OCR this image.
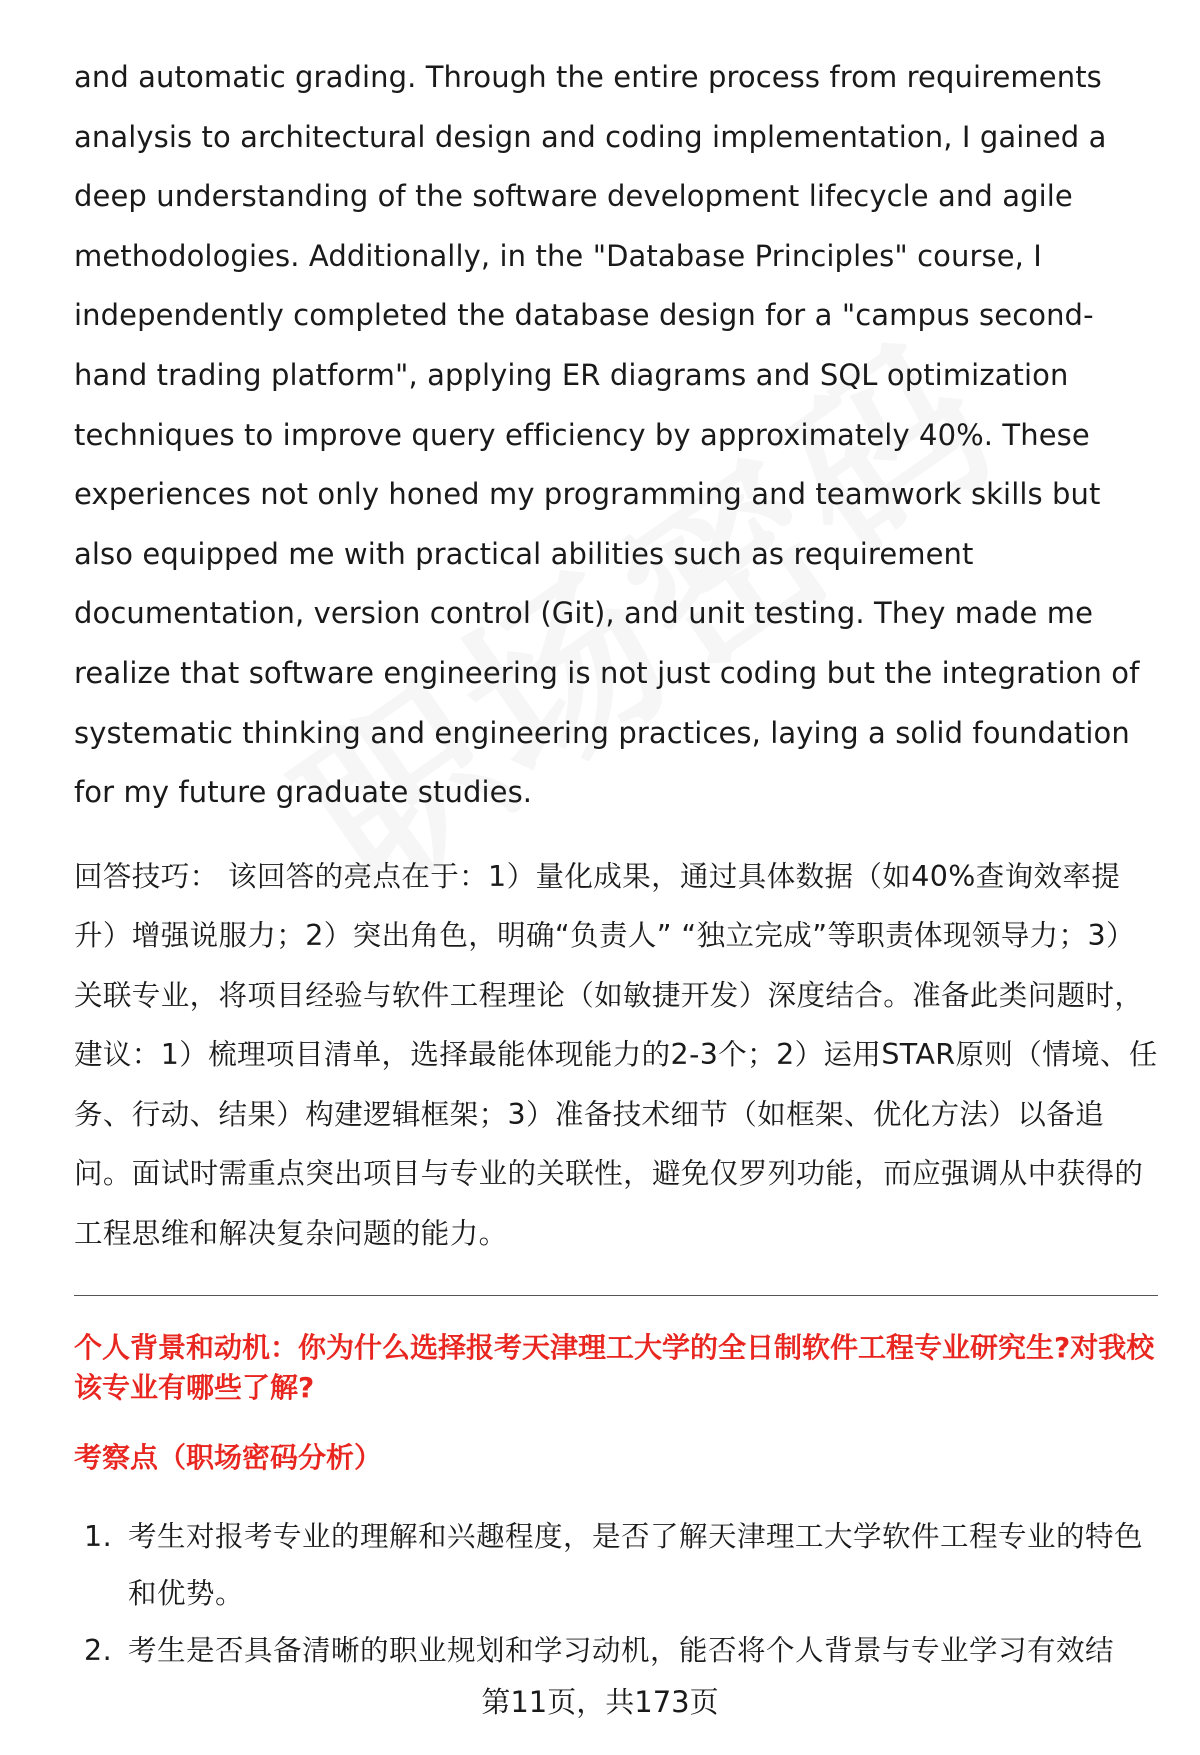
and automatic grading. Through the entire process from requirements analysis to architectural design and coding implementation, I gained a deep understanding of the software development lifecycle and agile methodologies. Additionally, in the "Database Principles" course, I independently completed the database design for a "campus second-hand trading platform", applying ER diagrams and SQL optimization techniques to improve query efficiency by approximately 40%. These experiences not only honed my programming and teamwork skills but also equipped me with practical abilities such as requirement documentation, version control (Git), and unit testing. They made me realize that software engineering is not just coding but the integration of systematic thinking and engineering practices, laying a solid foundation for my future graduate studies.

回答技巧： 该回答的亮点在于：1）量化成果，通过具体数据（如40%查询效率提升）增强说服力；2）突出角色，明确“负责人” “独立完成”等职责体现领导力；3）关联专业，将项目经验与软件工程理论（如敏捷开发）深度结合。准备此类问题时，建议：1）梳理项目清单，选择最能体现能力的2-3个；2）运用STAR原则（情境、任务、行动、结果）构建逻辑框架；3）准备技术细节（如框架、优化方法）以备追问。面试时需重点突出项目与专业的关联性，避免仅罗列功能，而应强调从中获得的工程思维和解决复杂问题的能力。

个人背景和动机：你为什么选择报考天津理工大学的全日制软件工程专业研究生?对我校该专业有哪些了解?

考察点（职场密码分析）

1. 考生对报考专业的理解和兴趣程度，是否了解天津理工大学软件工程专业的特色和优势。
2. 考生是否具备清晰的职业规划和学习动机，能否将个人背景与专业学习有效结
第11页，共173页
